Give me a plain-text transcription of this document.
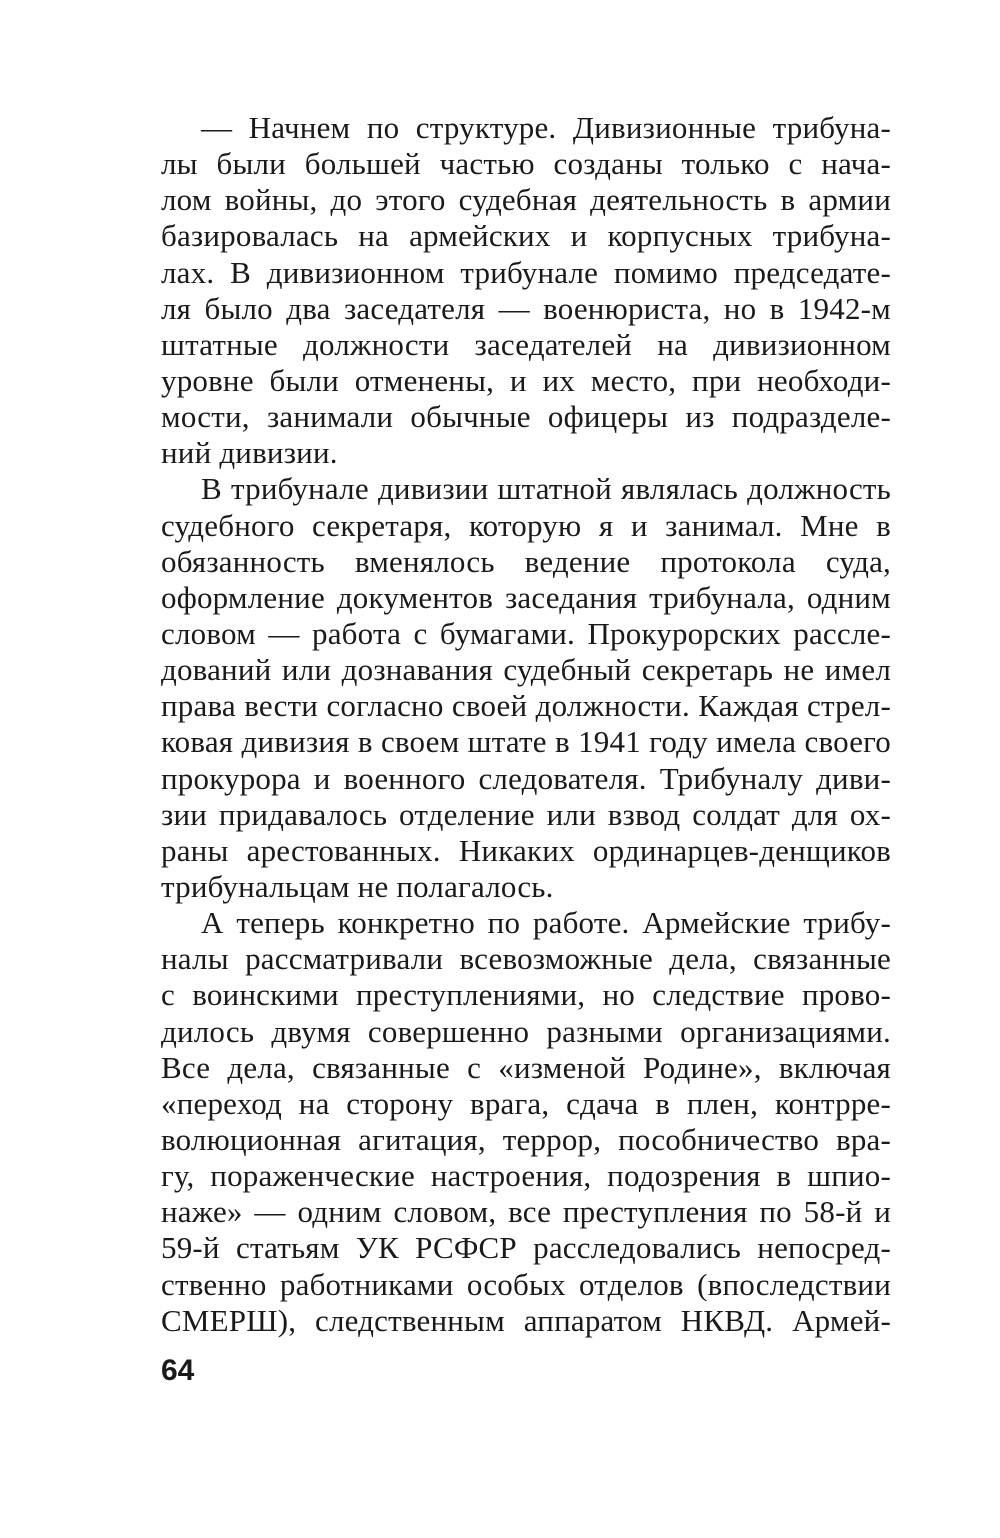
— Начнем по структуре. Дивизионные трибуна-
лы были большей частью созданы только с нача-
лом войны, до этого судебная деятельность в армии
базировалась на армейских и корпусных трибуна-
лах. В дивизионном трибунале помимо председате-
ля было два заседателя — военюриста, но в 1942-м
штатные должности заседателей на дивизионном
уровне были отменены, и их место, при необходи-
мости, занимали обычные офицеры из подразделе-
ний дивизии.
В трибунале дивизии штатной являлась должность
судебного секретаря, которую я и занимал. Мне в
обязанность вменялось ведение протокола суда,
оформление документов заседания трибунала, одним
словом — работа с бумагами. Прокурорских рассле-
дований или дознавания судебный секретарь не имел
права вести согласно своей должности. Каждая стрел-
ковая дивизия в своем штате в 1941 году имела своего
прокурора и военного следователя. Трибуналу диви-
зии придавалось отделение или взвод солдат для ох-
раны арестованных. Никаких ординарцев-денщиков
трибунальцам не полагалось.
А теперь конкретно по работе. Армейские трибу-
налы рассматривали всевозможные дела, связанные
с воинскими преступлениями, но следствие прово-
дилось двумя совершенно разными организациями.
Все дела, связанные с «изменой Родине», включая
«переход на сторону врага, сдача в плен, контрре-
волюционная агитация, террор, пособничество вра-
гу, пораженческие настроения, подозрения в шпио-
наже» — одним словом, все преступления по 58-й и
59-й статьям УК РСФСР расследовались непосред-
ственно работниками особых отделов (впоследствии
СМЕРШ), следственным аппаратом НКВД. Армей-
64
